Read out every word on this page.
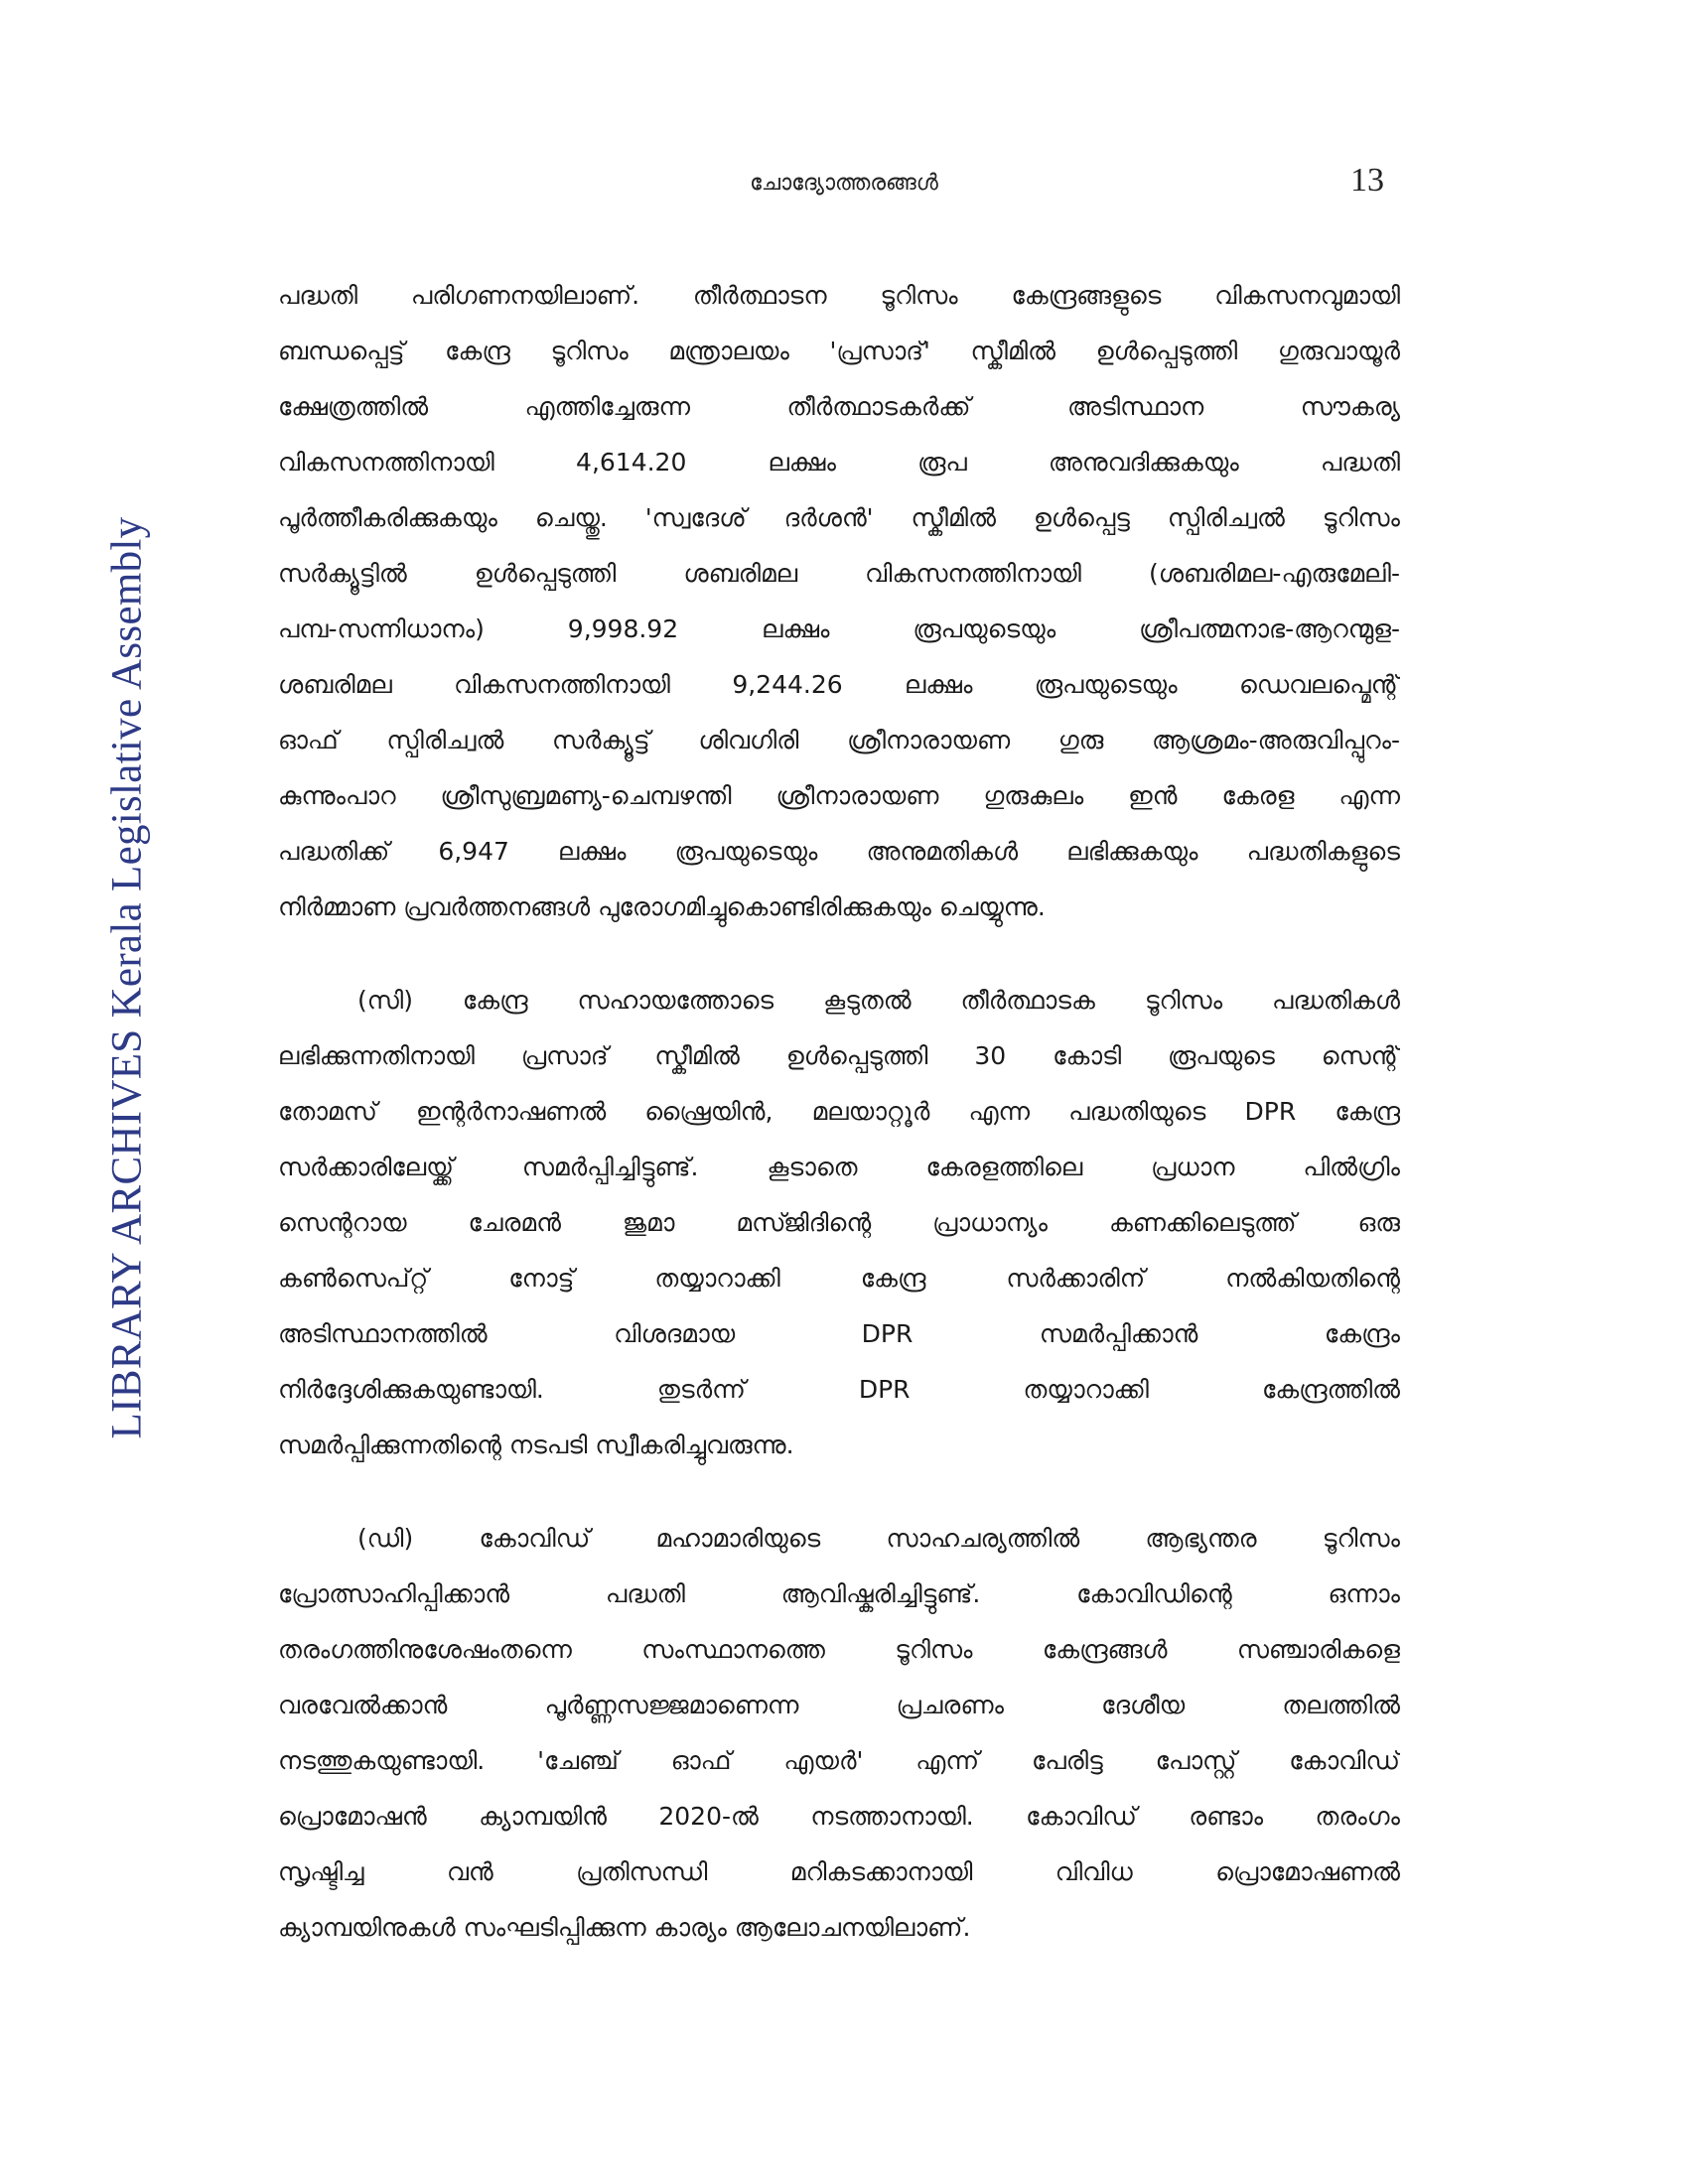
ചോദ്യോത്തരങ്ങൾ	13
LIBRARY ARCHIVES Kerala Legislative Assembly
പദ്ധതി പരിഗണനയിലാണ്. തീർത്ഥാടന ടൂറിസം കേന്ദ്രങ്ങളുടെ വികസനവുമായി
ബന്ധപ്പെട്ട് കേന്ദ്ര ടൂറിസം മന്ത്രാലയം 'പ്രസാദ്' സ്കീമിൽ ഉൾപ്പെടുത്തി ഗുരുവായൂർ
ക്ഷേത്രത്തിൽ എത്തിച്ചേരുന്ന തീർത്ഥാടകർക്ക് അടിസ്ഥാന സൗകര്യ
വികസനത്തിനായി 4,614.20 ലക്ഷം രൂപ അനുവദിക്കുകയും പദ്ധതി
പൂർത്തീകരിക്കുകയും ചെയ്തു. 'സ്വദേശ് ദർശൻ' സ്കീമിൽ ഉൾപ്പെട്ട സ്പിരിച്വൽ ടൂറിസം
സർക്യൂട്ടിൽ ഉൾപ്പെടുത്തി ശബരിമല വികസനത്തിനായി (ശബരിമല-എരുമേലി-
പമ്പ-സന്നിധാനം) 9,998.92 ലക്ഷം രൂപയുടെയും ശ്രീപത്മനാഭ-ആറന്മുള-
ശബരിമല വികസനത്തിനായി 9,244.26 ലക്ഷം രൂപയുടെയും ഡെവലപ്മെന്റ്
ഓഫ് സ്പിരിച്വൽ സർക്യൂട്ട് ശിവഗിരി ശ്രീനാരായണ ഗുരു ആശ്രമം-അരുവിപ്പുറം-
കുന്നുംപാറ ശ്രീസുബ്രമണ്യ-ചെമ്പഴന്തി ശ്രീനാരായണ ഗുരുകുലം ഇൻ കേരള എന്ന
പദ്ധതിക്ക് 6,947 ലക്ഷം രൂപയുടെയും അനുമതികൾ ലഭിക്കുകയും പദ്ധതികളുടെ
നിർമ്മാണ പ്രവർത്തനങ്ങൾ പുരോഗമിച്ചുകൊണ്ടിരിക്കുകയും ചെയ്യുന്നു.
(സി) കേന്ദ്ര സഹായത്തോടെ കൂടുതൽ തീർത്ഥാടക ടൂറിസം പദ്ധതികൾ
ലഭിക്കുന്നതിനായി പ്രസാദ് സ്കീമിൽ ഉൾപ്പെടുത്തി 30 കോടി രൂപയുടെ സെന്റ്
തോമസ് ഇന്റർനാഷണൽ ഷ്രൈയിൻ, മലയാറ്റൂർ എന്ന പദ്ധതിയുടെ DPR കേന്ദ്ര
സർക്കാരിലേയ്ക്ക് സമർപ്പിച്ചിട്ടുണ്ട്. കൂടാതെ കേരളത്തിലെ പ്രധാന പിൽഗ്രിം
സെന്ററായ ചേരമൻ ജുമാ മസ്ജിദിന്റെ പ്രാധാന്യം കണക്കിലെടുത്ത് ഒരു
കൺസെപ്റ്റ് നോട്ട് തയ്യാറാക്കി കേന്ദ്ര സർക്കാരിന് നൽകിയതിന്റെ
അടിസ്ഥാനത്തിൽ വിശദമായ DPR സമർപ്പിക്കാൻ കേന്ദ്രം
നിർദ്ദേശിക്കുകയുണ്ടായി. തുടർന്ന് DPR തയ്യാറാക്കി കേന്ദ്രത്തിൽ
സമർപ്പിക്കുന്നതിന്റെ നടപടി സ്വീകരിച്ചുവരുന്നു.
(ഡി) കോവിഡ് മഹാമാരിയുടെ സാഹചര്യത്തിൽ ആഭ്യന്തര ടൂറിസം
പ്രോത്സാഹിപ്പിക്കാൻ പദ്ധതി ആവിഷ്കരിച്ചിട്ടുണ്ട്. കോവിഡിന്റെ ഒന്നാം
തരംഗത്തിനുശേഷംതന്നെ സംസ്ഥാനത്തെ ടൂറിസം കേന്ദ്രങ്ങൾ സഞ്ചാരികളെ
വരവേൽക്കാൻ പൂർണ്ണസജ്ജമാണെന്ന പ്രചരണം ദേശീയ തലത്തിൽ
നടത്തുകയുണ്ടായി. 'ചേഞ്ച് ഓഫ് എയർ' എന്ന് പേരിട്ട പോസ്റ്റ് കോവിഡ്
പ്രൊമോഷൻ ക്യാമ്പയിൻ 2020-ൽ നടത്താനായി. കോവിഡ് രണ്ടാം തരംഗം
സൃഷ്ടിച്ച വൻ പ്രതിസന്ധി മറികടക്കാനായി വിവിധ പ്രൊമോഷണൽ
ക്യാമ്പയിനുകൾ സംഘടിപ്പിക്കുന്ന കാര്യം ആലോചനയിലാണ്.
